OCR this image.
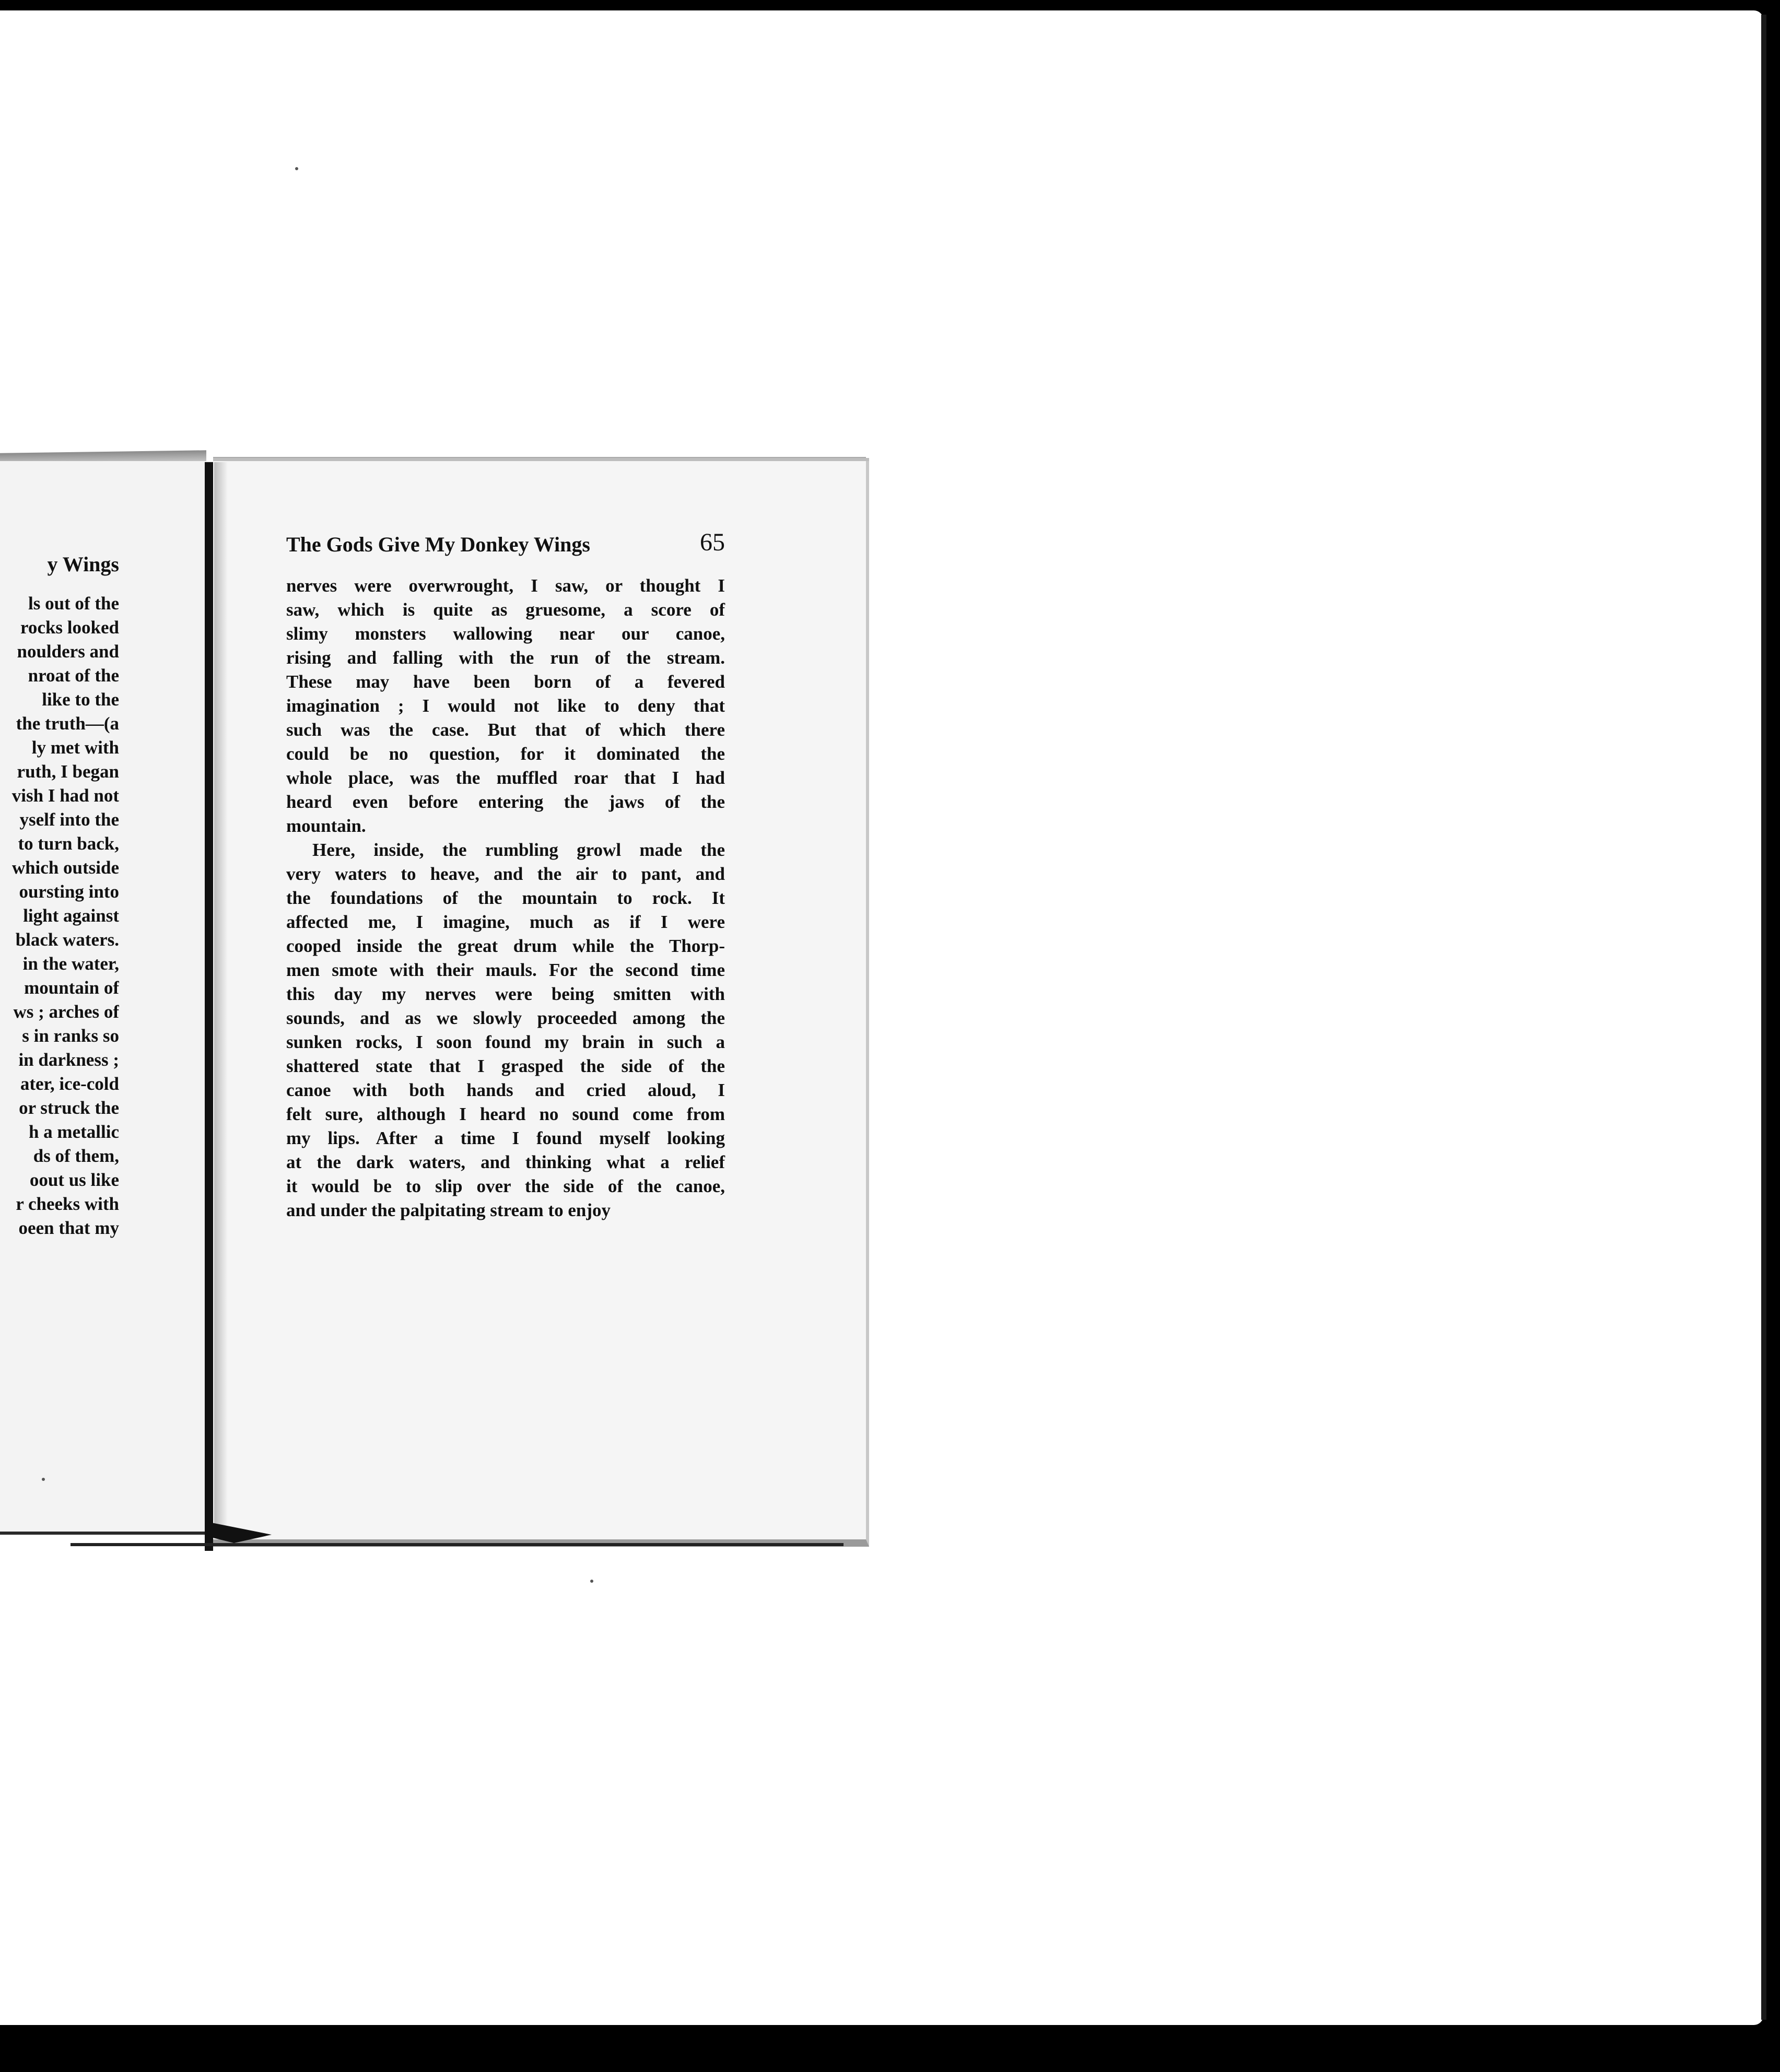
y Wings
ls out of the
rocks looked
noulders and
nroat of the
like to the
the truth—(a
ly met with
ruth, I began
vish I had not
yself into the
to turn back,
which outside
oursting into
light against
black waters.
in the water,
mountain of
ws ; arches of
s in ranks so
in darkness ;
ater, ice-cold
or struck the
h a metallic
ds of them,
oout us like
r cheeks with
oeen that my
The Gods Give My Donkey Wings	65
nerves were overwrought, I saw, or thought I
saw, which is quite as gruesome, a score of
slimy monsters wallowing near our canoe,
rising and falling with the run of the stream.
These may have been born of a fevered
imagination ; I would not like to deny that
such was the case. But that of which there
could be no question, for it dominated the
whole place, was the muffled roar that I had
heard even before entering the jaws of the
mountain.
Here, inside, the rumbling growl made the
very waters to heave, and the air to pant, and
the foundations of the mountain to rock. It
affected me, I imagine, much as if I were
cooped inside the great drum while the Thorp-
men smote with their mauls. For the second time
this day my nerves were being smitten with
sounds, and as we slowly proceeded among the
sunken rocks, I soon found my brain in such a
shattered state that I grasped the side of the
canoe with both hands and cried aloud, I
felt sure, although I heard no sound come from
my lips. After a time I found myself looking
at the dark waters, and thinking what a relief
it would be to slip over the side of the canoe,
and under the palpitating stream to enjoy
